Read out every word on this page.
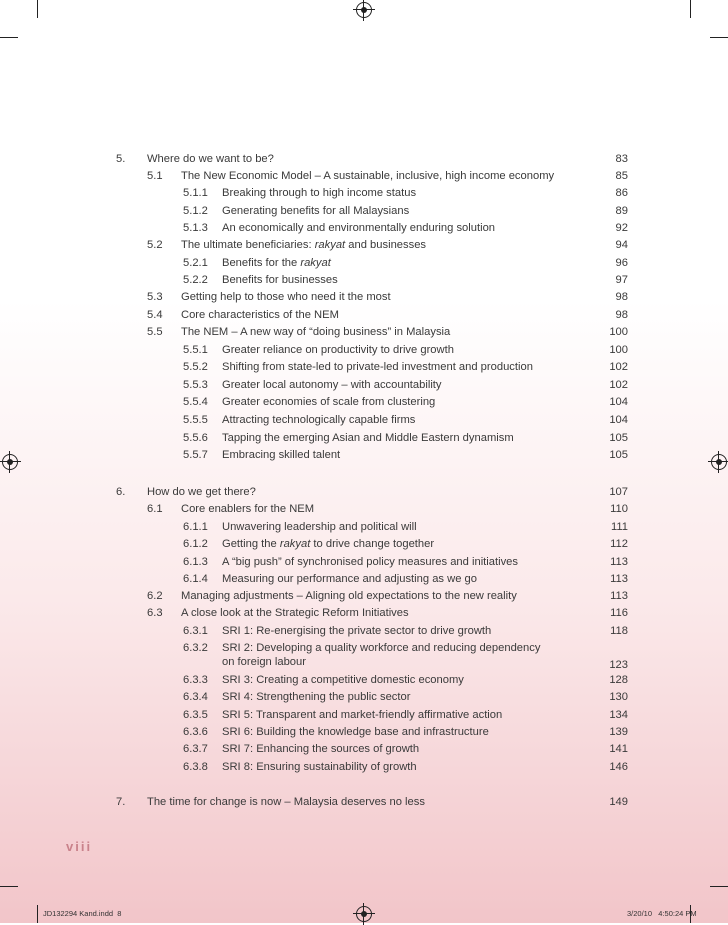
5. Where do we want to be?	83
5.1 The New Economic Model – A sustainable, inclusive, high income economy	85
5.1.1 Breaking through to high income status	86
5.1.2 Generating benefits for all Malaysians	89
5.1.3 An economically and environmentally enduring solution	92
5.2 The ultimate beneficiaries: rakyat and businesses	94
5.2.1 Benefits for the rakyat	96
5.2.2 Benefits for businesses	97
5.3 Getting help to those who need it the most	98
5.4 Core characteristics of the NEM	98
5.5 The NEM – A new way of “doing business” in Malaysia	100
5.5.1 Greater reliance on productivity to drive growth	100
5.5.2 Shifting from state-led to private-led investment and production	102
5.5.3 Greater local autonomy – with accountability	102
5.5.4 Greater economies of scale from clustering	104
5.5.5 Attracting technologically capable firms	104
5.5.6 Tapping the emerging Asian and Middle Eastern dynamism	105
5.5.7 Embracing skilled talent	105
6. How do we get there?	107
6.1 Core enablers for the NEM	110
6.1.1 Unwavering leadership and political will	111
6.1.2 Getting the rakyat to drive change together	112
6.1.3 A “big push” of synchronised policy measures and initiatives	113
6.1.4 Measuring our performance and adjusting as we go	113
6.2 Managing adjustments – Aligning old expectations to the new reality	113
6.3 A close look at the Strategic Reform Initiatives	116
6.3.1 SRI 1: Re-energising the private sector to drive growth	118
6.3.2 SRI 2: Developing a quality workforce and reducing dependency
on foreign labour	123
6.3.3 SRI 3: Creating a competitive domestic economy	128
6.3.4 SRI 4: Strengthening the public sector	130
6.3.5 SRI 5: Transparent and market-friendly affirmative action	134
6.3.6 SRI 6: Building the knowledge base and infrastructure	139
6.3.7 SRI 7: Enhancing the sources of growth	141
6.3.8 SRI 8: Ensuring sustainability of growth	146
7. The time for change is now – Malaysia deserves no less	149
viii
JD132294 Kand.indd 8	3/20/10 4:50:24 PM
